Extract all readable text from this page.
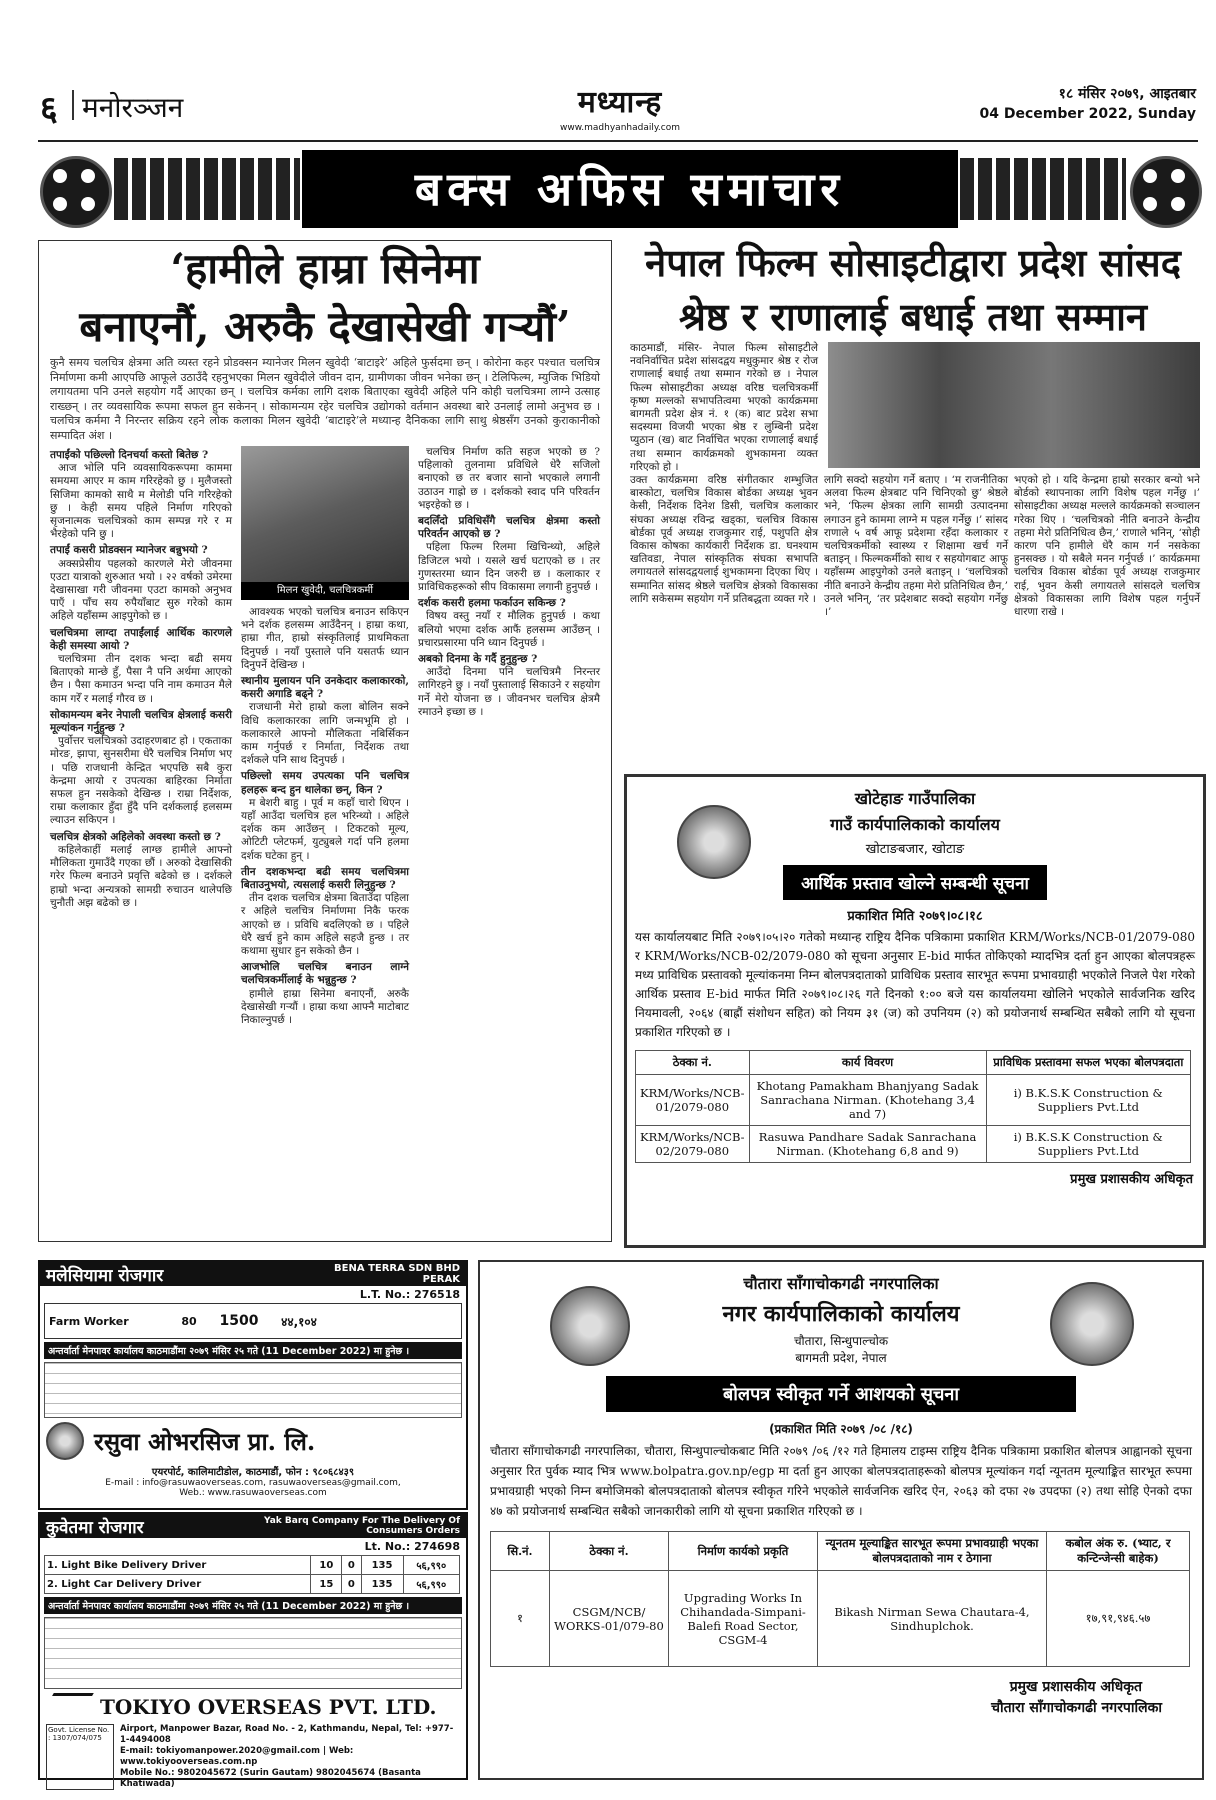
६ मनोरञ्जन	मध्यान्ह
www.madhyanhadaily.com
१८ मंसिर २०७९, आइतबार
04 December 2022, Sunday
बक्स अफिस समाचार
‘हामीले हाम्रा सिनेमा
बनाएनौं, अरुकै देखासेखी गर्‍यौं’
कुनै समय चलचित्र क्षेत्रमा अति व्यस्त रहने प्रोडक्सन म्यानेजर मिलन खुवेदी ‘बाटाइरे’ अहिले फुर्सदमा छन् । कोरोना कहर पश्चात चलचित्र निर्माणमा कमी आएपछि आफूले उठाउँदै रहनुभएका मिलन खुवेदीले जीवन दान, ग्रामीणका जीवन भनेका छन् । टेलिफिल्म, म्युजिक भिडियो लगायतमा पनि उनले सहयोग गर्दै आएका छन् । चलचित्र कर्मका लागि दशक बिताएका खुवेदी अहिले पनि कोही चलचित्रमा लाग्ने उत्साह राख्छन् । तर व्यवसायिक रूपमा सफल हुन सकेनन् । सोकामन्यम रहेर चलचित्र उद्योगको वर्तमान अवस्था बारे उनलाई लामो अनुभव छ । चलचित्र कर्ममा नै निरन्तर सक्रिय रहने लोक कलाका मिलन खुवेदी ‘बाटाइरे’ले मध्यान्ह दैनिकका लागि साथु श्रेष्ठसँग उनको कुराकानीको सम्पादित अंश ।
तपाईंको पछिल्लो दिनचर्या कस्तो बितेछ ?

आज भोलि पनि व्यवसायिकरूपमा काममा समयमा आएर म काम गरिरहेको छु । मुलैजस्तो सिजिमा कामको साथै म मेलोडी पनि गरिरहेको छु । केही समय पहिले निर्माण गरिएको सृजनात्मक चलचित्रको काम सम्पन्न गरे र म भैरहेको पनि छु ।

तपाईं कसरी प्रोडक्सन म्यानेजर बन्नुभयो ?

अक्सप्रेसीय पहलको कारणले मेरो जीवनमा एउटा यात्राको शुरुआत भयो । २२ वर्षको उमेरमा देखासाखा गरी जीवनमा एउटा कामको अनुभव पाएँ । पाँच सय रुपैयाँबाट सुरु गरेको काम अहिले यहाँसम्म आइपुगेको छ ।

चलचित्रमा लाग्दा तपाईंलाई आर्थिक कारणले केही समस्या आयो ?

चलचित्रमा तीन दशक भन्दा बढी समय बिताएको मान्छे हुँ, पैसा नै पनि अर्थमा आएको छैन । पैसा कमाउन भन्दा पनि नाम कमाउन मैले काम गरेँ र मलाई गौरव छ ।

सोकामन्यम बनेर नेपाली चलचित्र क्षेत्रलाई कसरी मूल्यांकन गर्नुहुन्छ ?

पुर्वोत्तर चलचित्रको उदाहरणबाट हो । एकताका मोरङ, झापा, सुनसरीमा धेरै चलचित्र निर्माण भए । पछि राजधानी केन्द्रित भएपछि सबै कुरा केन्द्रमा आयो र उपत्यका बाहिरका निर्माता सफल हुन नसकेको देखिन्छ । राम्रा निर्देशक, राम्रा कलाकार हुँदा हुँदै पनि दर्शकलाई हलसम्म ल्याउन सकिएन ।

चलचित्र क्षेत्रको अहिलेको अवस्था कस्तो छ ?

कहिलेकाहीं मलाई लाग्छ हामीले आफ्नो मौलिकता गुमाउँदै गएका छौं । अरुको देखासिकी गरेर फिल्म बनाउने प्रवृत्ति बढेको छ । दर्शकले हाम्रो भन्दा अन्यत्रको सामग्री रुचाउन थालेपछि चुनौती अझ बढेको छ ।

मिलन खुवेदी, चलचित्रकर्मी

आवश्यक भएको चलचित्र बनाउन सकिएन भने दर्शक हलसम्म आउँदैनन् । हाम्रा कथा, हाम्रा गीत, हाम्रो संस्कृतिलाई प्राथमिकता दिनुपर्छ । नयाँ पुस्ताले पनि यसतर्फ ध्यान दिनुपर्ने देखिन्छ ।

स्थानीय मुलायन पनि उनकेदार कलाकारको, कसरी अगाडि बढ्ने ?

राजधानी मेरो हाम्रो कला बोलिन सक्ने विधि कलाकारका लागि जन्मभूमि हो । कलाकारले आफ्नो मौलिकता नबिर्सिकन काम गर्नुपर्छ र निर्माता, निर्देशक तथा दर्शकले पनि साथ दिनुपर्छ ।

पछिल्लो समय उपत्यका पनि चलचित्र हलहरू बन्द हुन थालेका छन्, किन ?

म बेशरी बाहु । पूर्व म कहाँ चारो थिएन । यहाँ आउँदा चलचित्र हल भरिन्थ्यो । अहिले दर्शक कम आउँछन् । टिकटको मूल्य, ओटिटी प्लेटफर्म, युट्युबले गर्दा पनि हलमा दर्शक घटेका हुन् ।

तीन दशकभन्दा बढी समय चलचित्रमा बिताउनुभयो, त्यसलाई कसरी लिनुहुन्छ ?

तीन दशक चलचित्र क्षेत्रमा बिताउँदा पहिला र अहिले चलचित्र निर्माणमा निकै फरक आएको छ । प्रविधि बदलिएको छ । पहिले धेरै खर्च हुने काम अहिले सहजै हुन्छ । तर कथामा सुधार हुन सकेको छैन ।

आजभोलि चलचित्र बनाउन लाग्ने चलचित्रकर्मीलाई के भन्नुहुन्छ ?

हामीले हाम्रा सिनेमा बनाएनौं, अरुकै देखासेखी गर्‍यौं । हाम्रा कथा आफ्नै माटोबाट निकाल्नुपर्छ ।

चलचित्र निर्माण कति सहज भएको छ ? पहिलाको तुलनामा प्रविधिले धेरै सजिलो बनाएको छ तर बजार सानो भएकाले लगानी उठाउन गाह्रो छ । दर्शकको स्वाद पनि परिवर्तन भइरहेको छ ।

बदलिँदो प्रविधिसँगै चलचित्र क्षेत्रमा कस्तो परिवर्तन आएको छ ?

पहिला फिल्म रिलमा खिचिन्थ्यो, अहिले डिजिटल भयो । यसले खर्च घटाएको छ । तर गुणस्तरमा ध्यान दिन जरुरी छ । कलाकार र प्राविधिकहरूको सीप विकासमा लगानी हुनुपर्छ ।

दर्शक कसरी हलमा फर्काउन सकिन्छ ?

विषय वस्तु नयाँ र मौलिक हुनुपर्छ । कथा बलियो भएमा दर्शक आफैं हलसम्म आउँछन् । प्रचारप्रसारमा पनि ध्यान दिनुपर्छ ।

अबको दिनमा के गर्दै हुनुहुन्छ ?

आउँदो दिनमा पनि चलचित्रमै निरन्तर लागिरहने छु । नयाँ पुस्तालाई सिकाउने र सहयोग गर्ने मेरो योजना छ । जीवनभर चलचित्र क्षेत्रमै रमाउने इच्छा छ ।

नेपाल फिल्म सोसाइटीद्वारा प्रदेश सांसद
श्रेष्ठ र राणालाई बधाई तथा सम्मान
काठमाडौं, मंसिर- नेपाल फिल्म सोसाइटीले नवनिर्वाचित प्रदेश सांसदद्वय मधुकुमार श्रेष्ठ र रोज राणालाई बधाई तथा सम्मान गरेको छ । नेपाल फिल्म सोसाइटीका अध्यक्ष वरिष्ठ चलचित्रकर्मी कृष्ण मल्लको सभापतित्वमा भएको कार्यक्रममा बागमती प्रदेश क्षेत्र नं. १ (क) बाट प्रदेश सभा सदस्यमा विजयी भएका श्रेष्ठ र लुम्बिनी प्रदेश प्युठान (ख) बाट निर्वाचित भएका राणालाई बधाई तथा सम्मान कार्यक्रमको शुभकामना व्यक्त गरिएको हो ।
उक्त कार्यक्रममा वरिष्ठ संगीतकार शम्भुजित बास्कोटा, चलचित्र विकास बोर्डका अध्यक्ष भुवन केसी, निर्देशक दिनेश डिसी, चलचित्र कलाकार संघका अध्यक्ष रविन्द्र खड्का, चलचित्र विकास बोर्डका पूर्व अध्यक्ष राजकुमार राई, पशुपति क्षेत्र विकास कोषका कार्यकारी निर्देशक डा. घनश्याम खतिवडा, नेपाल सांस्कृतिक संघका सभापति लगायतले सांसदद्वयलाई शुभकामना दिएका थिए । सम्मानित सांसद श्रेष्ठले चलचित्र क्षेत्रको विकासका लागि सकेसम्म सहयोग गर्ने प्रतिबद्धता व्यक्त गरे ।
लागि सक्दो सहयोग गर्ने बताए । ‘म राजनीतिका अलवा फिल्म क्षेत्रबाट पनि चिनिएको छु’ श्रेष्ठले भने, ‘फिल्म क्षेत्रका लागि सामग्री उत्पादनमा लगाउन हुने काममा लाग्ने म पहल गर्नेछु ।’ सांसद राणाले ५ वर्ष आफू प्रदेशमा रहँदा कलाकार र चलचित्रकर्मीको स्वास्थ्य र शिक्षामा खर्च गर्ने बताइन् । फिल्मकर्मीको साथ र सहयोगबाट आफू यहाँसम्म आइपुगेको उनले बताइन् । ‘चलचित्रको नीति बनाउने केन्द्रीय तहमा मेरो प्रतिनिधित्व छैन,’ उनले भनिन्, ‘तर प्रदेशबाट सक्दो सहयोग गर्नेछु ।’
भएको हो । यदि केन्द्रमा हाम्रो सरकार बन्यो भने बोर्डको स्थापनाका लागि विशेष पहल गर्नेछु ।’ सोसाइटीका अध्यक्ष मल्लले कार्यक्रमको सञ्चालन गरेका थिए । ‘चलचित्रको नीति बनाउने केन्द्रीय तहमा मेरो प्रतिनिधित्व छैन,’ राणाले भनिन्, ‘सोही कारण पनि हामीले धेरै काम गर्न नसकेका हुनसक्छ । यो सबैले मनन गर्नुपर्छ ।’ कार्यक्रममा चलचित्र विकास बोर्डका पूर्व अध्यक्ष राजकुमार राई, भुवन केसी लगायतले सांसदले चलचित्र क्षेत्रको विकासका लागि विशेष पहल गर्नुपर्ने धारणा राखे ।
खोटेहाङ गाउँपालिका
गाउँ कार्यपालिकाको कार्यालय
खोटाङबजार, खोटाङ
आर्थिक प्रस्ताव खोल्ने सम्बन्धी सूचना
प्रकाशित मिति २०७९।०८।१८
यस कार्यालयबाट मिति २०७९।०५।२० गतेको मध्यान्ह राष्ट्रिय दैनिक पत्रिकामा प्रकाशित KRM/Works/NCB-01/2079-080 र KRM/Works/NCB-02/2079-080 को सूचना अनुसार E-bid मार्फत तोकिएको म्यादभित्र दर्ता हुन आएका बोलपत्रहरू मध्य प्राविधिक प्रस्तावको मूल्यांकनमा निम्न बोलपत्रदाताको प्राविधिक प्रस्ताव सारभूत रूपमा प्रभावग्राही भएकोले निजले पेश गरेको आर्थिक प्रस्ताव E-bid मार्फत मिति २०७९।०८।२६ गते दिनको १:०० बजे यस कार्यालयमा खोलिने भएकोले सार्वजनिक खरिद नियमावली, २०६४ (बाह्रौं संशोधन सहित) को नियम ३१ (ज) को उपनियम (२) को प्रयोजनार्थ सम्बन्धित सबैको लागि यो सूचना प्रकाशित गरिएको छ ।
ठेक्का नं.	कार्य विवरण	प्राविधिक प्रस्तावमा सफल भएका बोलपत्रदाता
KRM/Works/NCB-01/2079-080	Khotang Pamakham Bhanjyang Sadak Sanrachana Nirman. (Khotehang 3,4 and 7)	i) B.K.S.K Construction & Suppliers Pvt.Ltd
KRM/Works/NCB-02/2079-080	Rasuwa Pandhare Sadak Sanrachana Nirman. (Khotehang 6,8 and 9)	i) B.K.S.K Construction & Suppliers Pvt.Ltd
प्रमुख प्रशासकीय अधिकृत
मलेसियामा रोजगार	BENA TERRA SDN BHD
PERAK
L.T. No.: 276518
Farm Worker	80	1500	४४,१०४
अन्तर्वार्ता मेनपावर कार्यालय काठमाडौंमा २०७९ मंसिर २५ गते (11 December 2022) मा हुनेछ ।
रसुवा ओभरसिज प्रा. लि.
एयरपोर्ट, कालिमाटीडोल, काठमाडौं, फोन : ९८०६८४३९
E-mail : info@rasuwaoverseas.com, rasuwaoverseas@gmail.com,
Web.: www.rasuwaoverseas.com
कुवेतमा रोजगार	Yak Barq Company For The Delivery Of Consumers Orders
Lt. No.: 274698
1. Light Bike Delivery Driver	10	0	135	५६,९९०
2. Light Car Delivery Driver	15	0	135	५६,९९०
अन्तर्वार्ता मेनपावर कार्यालय काठमाडौंमा २०७९ मंसिर २५ गते (11 December 2022) मा हुनेछ ।
TOKIYO OVERSEAS PVT. LTD.
Govt. License No. : 1307/074/075
Airport, Manpower Bazar, Road No. - 2, Kathmandu, Nepal, Tel: +977-1-4494008
E-mail: tokiyomanpower.2020@gmail.com | Web: www.tokiyooverseas.com.np
Mobile No.: 9802045672 (Surin Gautam) 9802045674 (Basanta Khatiwada)
चौतारा साँगाचोकगढी नगरपालिका
नगर कार्यपालिकाको कार्यालय
चौतारा, सिन्धुपाल्चोक
बागमती प्रदेश, नेपाल
बोलपत्र स्वीकृत गर्ने आशयको सूचना
(प्रकाशित मिति २०७९ /०८ /१८)
चौतारा साँगाचोकगढी नगरपालिका, चौतारा, सिन्धुपाल्चोकबाट मिति २०७९ /०६ /१२ गते हिमालय टाइम्स राष्ट्रिय दैनिक पत्रिकामा प्रकाशित बोलपत्र आह्वानको सूचना अनुसार रित पुर्वक म्याद भित्र www.bolpatra.gov.np/egp मा दर्ता हुन आएका बोलपत्रदाताहरूको बोलपत्र मूल्यांकन गर्दा न्यूनतम मूल्याङ्कित सारभूत रूपमा प्रभावग्राही भएको निम्न बमोजिमको बोलपत्रदाताको बोलपत्र स्वीकृत गरिने भएकोले सार्वजनिक खरिद ऐन, २०६३ को दफा २७ उपदफा (२) तथा सोहि ऐनको दफा ४७ को प्रयोजनार्थ सम्बन्धित सबैको जानकारीको लागि यो सूचना प्रकाशित गरिएको छ ।
सि.नं.	ठेक्का नं.	निर्माण कार्यको प्रकृति	न्यूनतम मूल्याङ्कित सारभूत रूपमा प्रभावग्राही भएका बोलपत्रदाताको नाम र ठेगाना	कबोल अंक रु. (भ्याट, र कन्टिन्जेन्सी बाहेक)
१	CSGM/NCB/ WORKS-01/079-80	Upgrading Works In Chihandada-Simpani-Balefi Road Sector, CSGM-4	Bikash Nirman Sewa Chautara-4, Sindhuplchok.	१७,९१,९४६.५७
प्रमुख प्रशासकीय अधिकृत
चौतारा साँगाचोकगढी नगरपालिका
